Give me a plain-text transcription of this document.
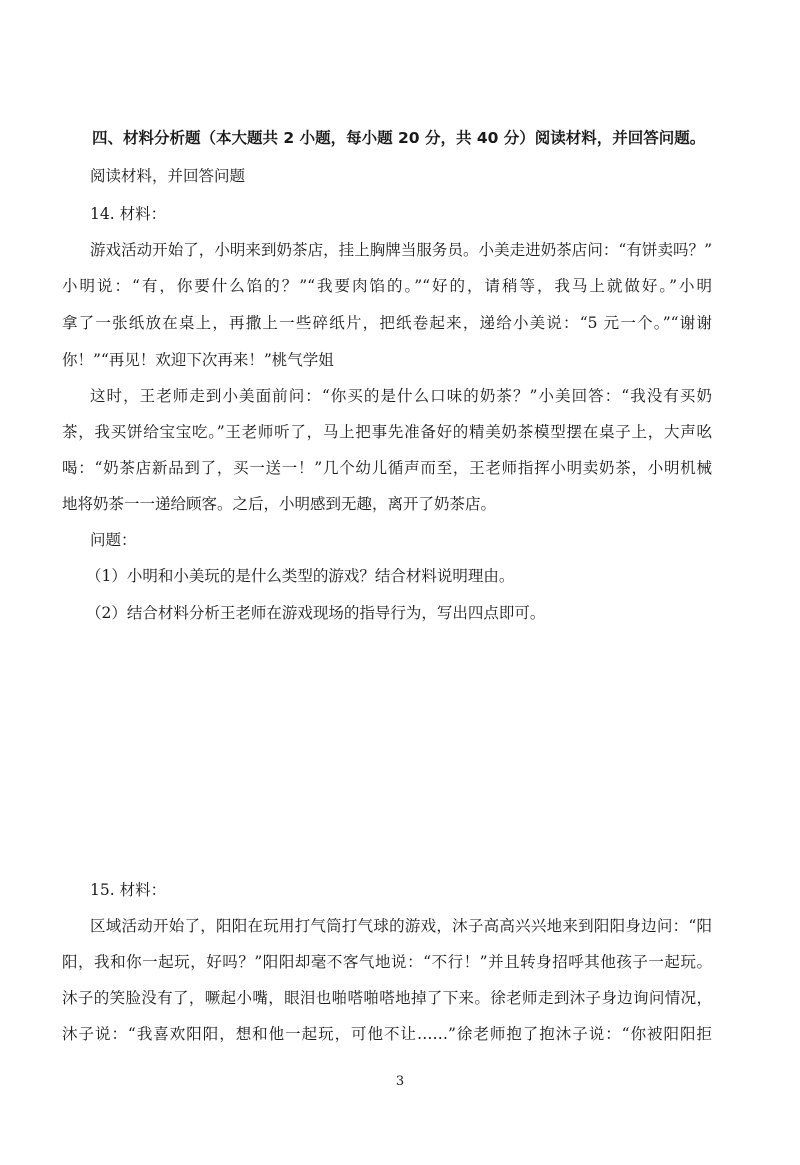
四、材料分析题（本大题共 2 小题，每小题 20 分，共 40 分）阅读材料，并回答问题。
阅读材料，并回答问题
14. 材料：
游戏活动开始了，小明来到奶茶店，挂上胸牌当服务员。小美走进奶茶店问：“有饼卖吗？”
小明说：“有，你要什么馅的？”“我要肉馅的。”“好的，请稍等，我马上就做好。”小明
拿了一张纸放在桌上，再撒上一些碎纸片，把纸卷起来，递给小美说：“5 元一个。”“谢谢
你！”“再见！欢迎下次再来！”桃气学姐
这时，王老师走到小美面前问：“你买的是什么口味的奶茶？”小美回答：“我没有买奶
茶，我买饼给宝宝吃。”王老师听了，马上把事先准备好的精美奶茶模型摆在桌子上，大声吆
喝：“奶茶店新品到了，买一送一！”几个幼儿循声而至，王老师指挥小明卖奶茶，小明机械
地将奶茶一一递给顾客。之后，小明感到无趣，离开了奶茶店。
问题：
（1）小明和小美玩的是什么类型的游戏？结合材料说明理由。
（2）结合材料分析王老师在游戏现场的指导行为，写出四点即可。
15. 材料：
区域活动开始了，阳阳在玩用打气筒打气球的游戏，沐子高高兴兴地来到阳阳身边问：“阳
阳，我和你一起玩，好吗？”阳阳却毫不客气地说：“不行！”并且转身招呼其他孩子一起玩。
沐子的笑脸没有了，噘起小嘴，眼泪也啪嗒啪嗒地掉了下来。徐老师走到沐子身边询问情况，
沐子说：“我喜欢阳阳，想和他一起玩，可他不让……”徐老师抱了抱沐子说：“你被阳阳拒
3
